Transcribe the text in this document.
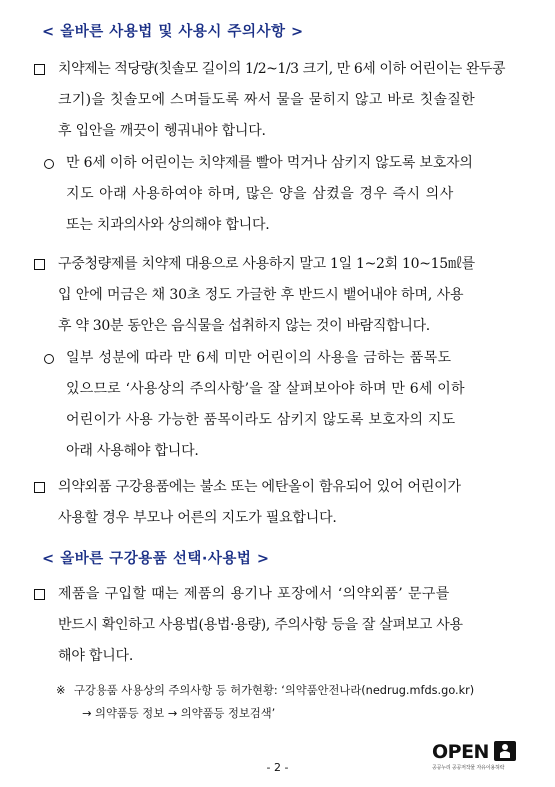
< 올바른 사용법 및 사용시 주의사항 >
치약제는 적당량(칫솔모 길이의 1/2~1/3 크기, 만 6세 이하 어린이는 완두콩
크기)을 칫솔모에 스며들도록 짜서 물을 묻히지 않고 바로 칫솔질한
후 입안을 깨끗이 헹궈내야 합니다.
만 6세 이하 어린이는 치약제를 빨아 먹거나 삼키지 않도록 보호자의
지도 아래 사용하여야 하며, 많은 양을 삼켰을 경우 즉시 의사
또는 치과의사와 상의해야 합니다.
구중청량제를 치약제 대용으로 사용하지 말고 1일 1~2회 10~15㎖를
입 안에 머금은 채 30초 정도 가글한 후 반드시 뱉어내야 하며, 사용
후 약 30분 동안은 음식물을 섭취하지 않는 것이 바람직합니다.
일부 성분에 따라 만 6세 미만 어린이의 사용을 금하는 품목도
있으므로 ‘사용상의 주의사항’을 잘 살펴보아야 하며 만 6세 이하
어린이가 사용 가능한 품목이라도 삼키지 않도록 보호자의 지도
아래 사용해야 합니다.
의약외품 구강용품에는 불소 또는 에탄올이 함유되어 있어 어린이가
사용할 경우 부모나 어른의 지도가 필요합니다.
< 올바른 구강용품 선택·사용법 >
제품을 구입할 때는 제품의 용기나 포장에서 ‘의약외품’ 문구를
반드시 확인하고 사용법(용법·용량), 주의사항 등을 잘 살펴보고 사용
해야 합니다.
※ 구강용품 사용상의 주의사항 등 허가현황: ‘의약품안전나라(nedrug.mfds.go.kr)
→ 의약품등 정보 → 의약품등 정보검색’
- 2 -
OPEN
공공누리 공공저작물 자유이용허락
